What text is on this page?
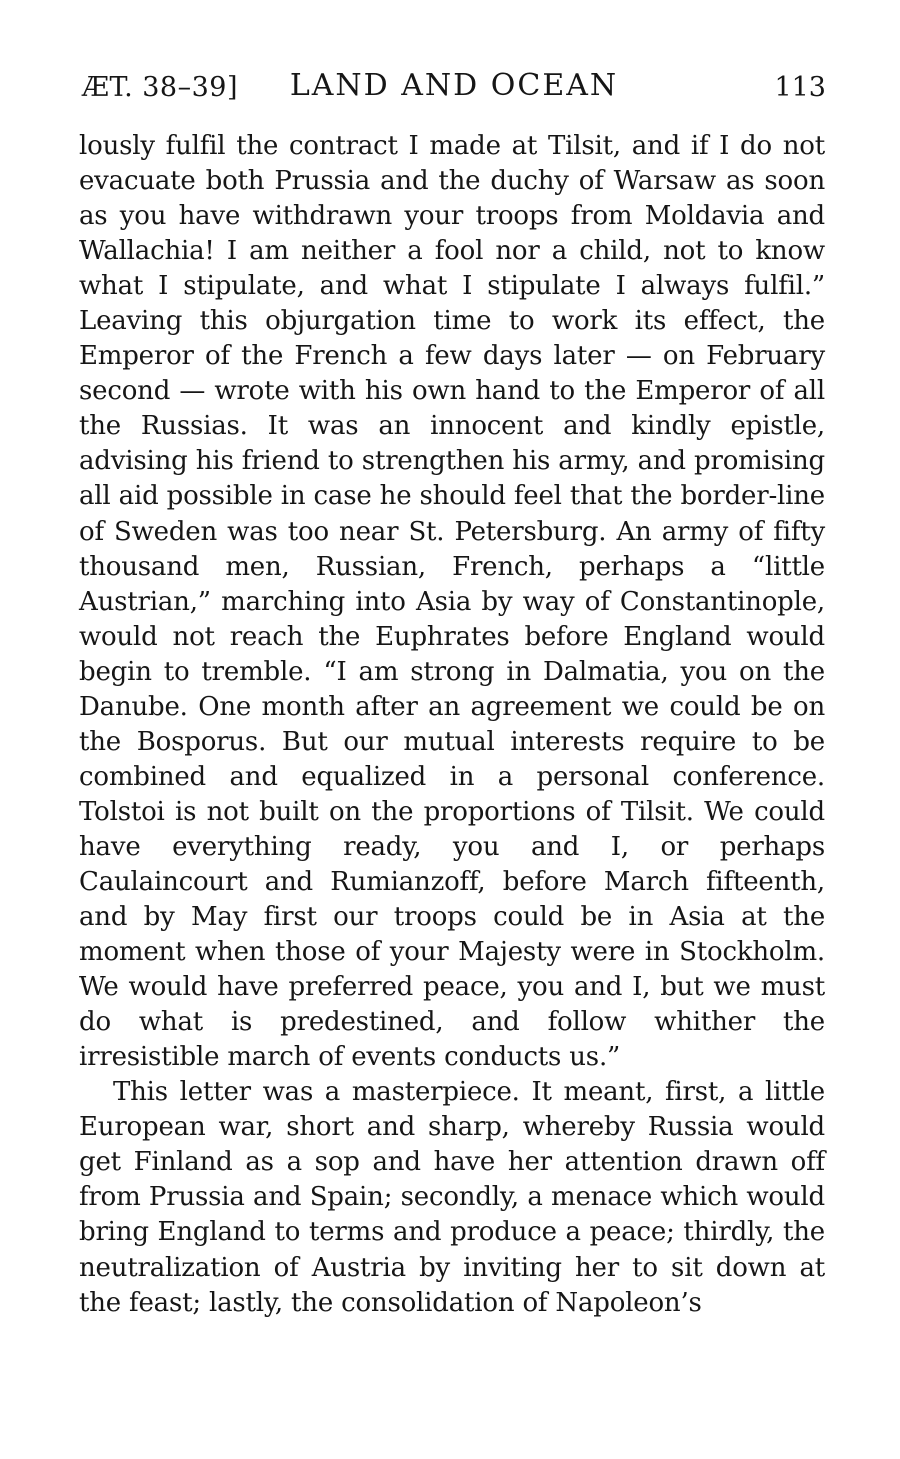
ÆT. 38–39]	LAND AND OCEAN	113

lously fulfil the contract I made at Tilsit, and if I do not evacuate both Prussia and the duchy of Warsaw as soon as you have withdrawn your troops from Moldavia and Wallachia! I am neither a fool nor a child, not to know what I stipulate, and what I stipulate I always fulfil.” Leaving this objurgation time to work its effect, the Emperor of the French a few days later — on February second — wrote with his own hand to the Emperor of all the Russias. It was an innocent and kindly epistle, advising his friend to strengthen his army, and promising all aid possible in case he should feel that the border-line of Sweden was too near St. Petersburg. An army of fifty thousand men, Russian, French, perhaps a “little Austrian,” marching into Asia by way of Constantinople, would not reach the Euphrates before England would begin to tremble. “I am strong in Dalmatia, you on the Danube. One month after an agreement we could be on the Bosporus. But our mutual interests require to be combined and equalized in a personal conference. Tolstoi is not built on the proportions of Tilsit. We could have everything ready, you and I, or perhaps Caulaincourt and Rumianzoff, before March fifteenth, and by May first our troops could be in Asia at the moment when those of your Majesty were in Stockholm. We would have preferred peace, you and I, but we must do what is predestined, and follow whither the irresistible march of events conducts us.”

This letter was a masterpiece. It meant, first, a little European war, short and sharp, whereby Russia would get Finland as a sop and have her attention drawn off from Prussia and Spain; secondly, a menace which would bring England to terms and produce a peace; thirdly, the neutralization of Austria by inviting her to sit down at the feast; lastly, the consolidation of Napoleon’s
